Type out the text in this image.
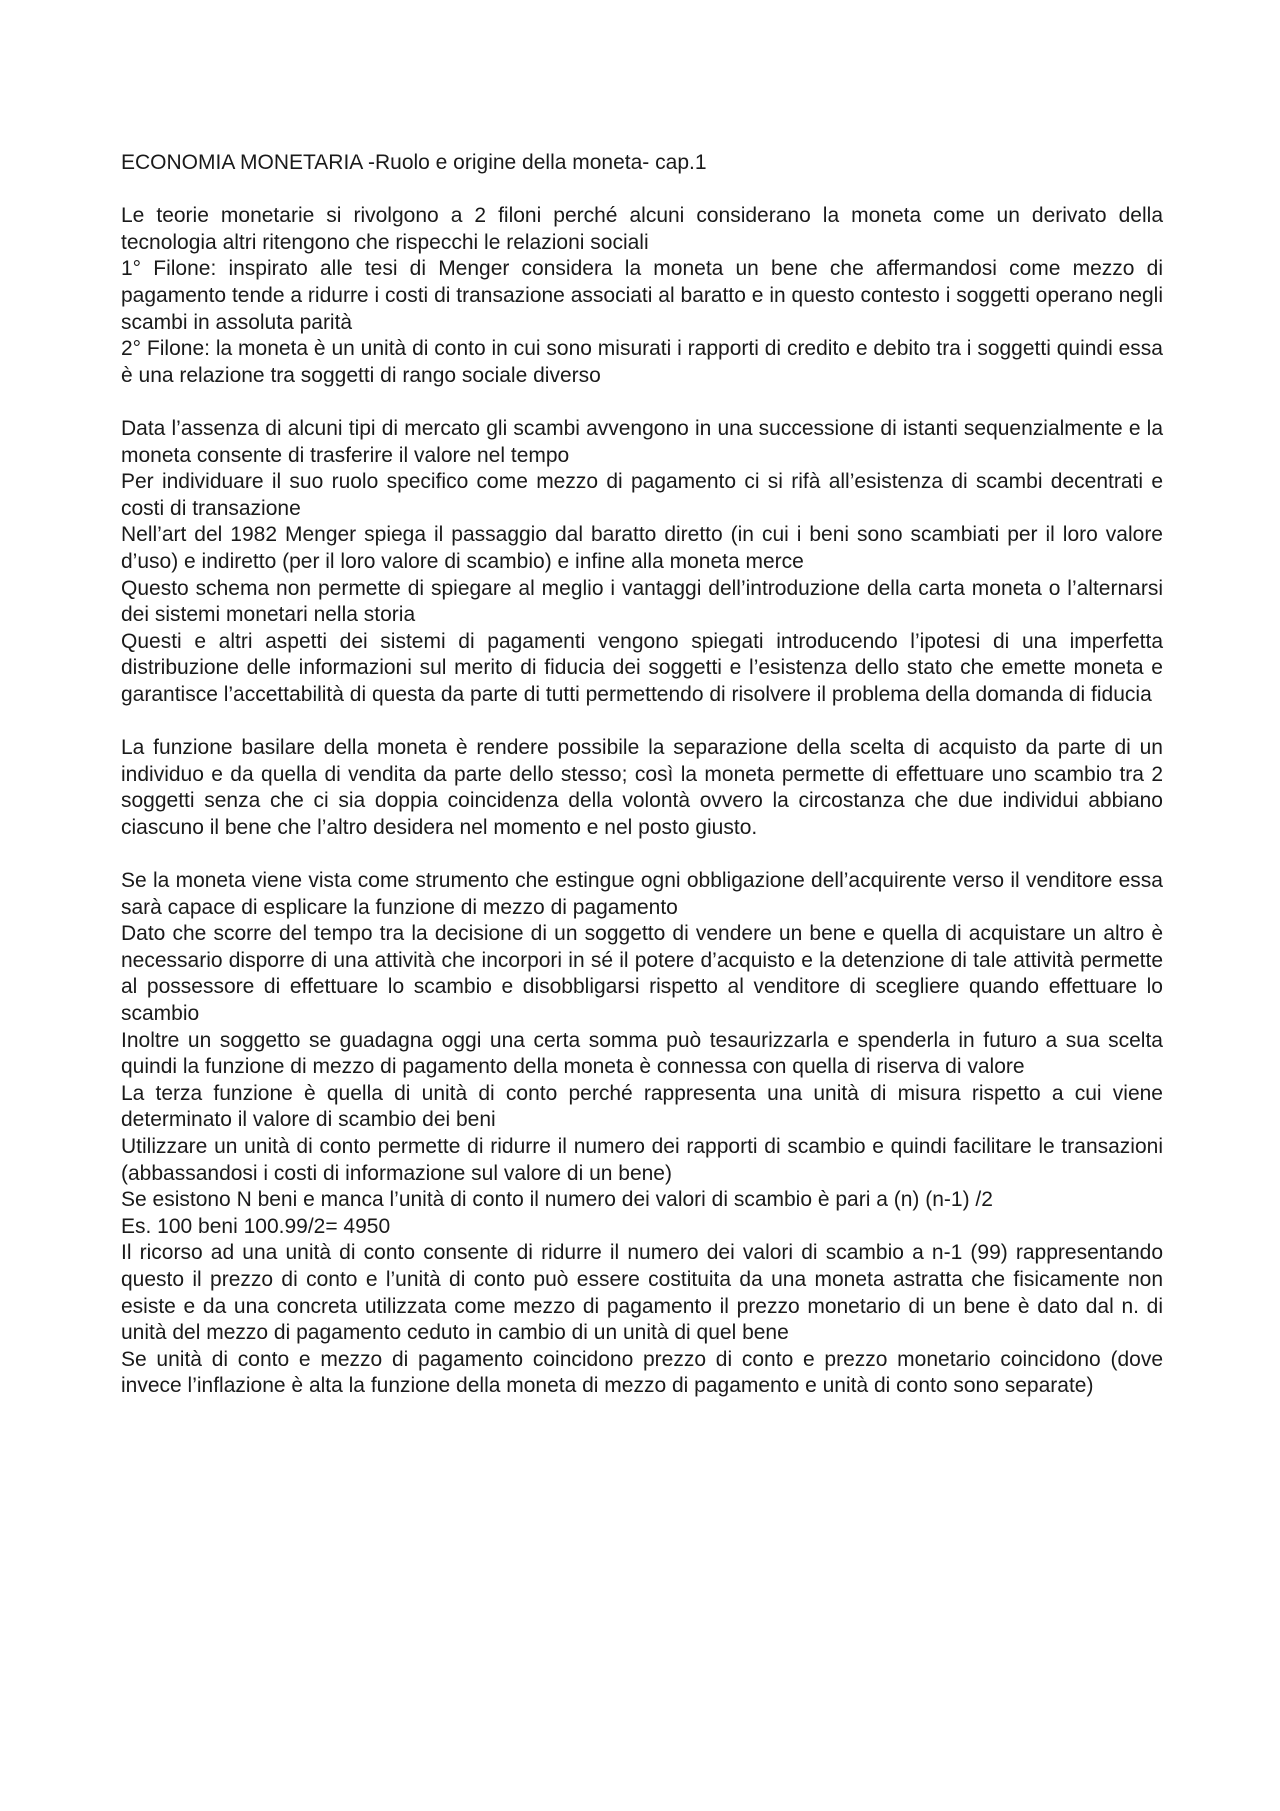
ECONOMIA MONETARIA -Ruolo e origine della moneta- cap.1
Le teorie monetarie si rivolgono a 2 filoni perché alcuni considerano la moneta come un derivato della tecnologia altri ritengono che rispecchi le relazioni sociali
1° Filone: inspirato alle tesi di Menger considera la moneta un bene che affermandosi come mezzo di pagamento tende a ridurre i costi di transazione associati al baratto e in questo contesto i soggetti operano negli scambi in assoluta parità
2° Filone: la moneta è un unità di conto in cui sono misurati i rapporti di credito e debito tra i soggetti quindi essa è una relazione tra soggetti di rango sociale diverso
Data l’assenza di alcuni tipi di mercato gli scambi avvengono in una successione di istanti sequenzialmente e la moneta consente di trasferire il valore nel tempo
Per individuare il suo ruolo specifico come mezzo di pagamento ci si rifà all’esistenza di scambi decentrati e costi di transazione
Nell’art del 1982 Menger spiega il passaggio dal baratto diretto (in cui i beni sono scambiati per il loro valore d’uso) e indiretto (per il loro valore di scambio) e infine alla moneta merce
Questo schema non permette di spiegare al meglio i vantaggi dell’introduzione della carta moneta o l’alternarsi dei sistemi monetari nella storia
Questi e altri aspetti dei sistemi di pagamenti vengono spiegati introducendo l’ipotesi di una imperfetta distribuzione delle informazioni sul merito di fiducia dei soggetti e l’esistenza dello stato che emette moneta e garantisce l’accettabilità di questa da parte di tutti permettendo di risolvere il problema della domanda di fiducia
La funzione basilare della moneta è rendere possibile la separazione della scelta di acquisto da parte di un individuo e da quella di vendita da parte dello stesso; così la moneta permette di effettuare uno scambio tra 2 soggetti senza che ci sia doppia coincidenza della volontà ovvero la circostanza che due individui abbiano ciascuno il bene che l’altro desidera nel momento e nel posto giusto.
Se la moneta viene vista come strumento che estingue ogni obbligazione dell’acquirente verso il venditore essa sarà capace di esplicare la funzione di mezzo di pagamento
Dato che scorre del tempo tra la decisione di un soggetto di vendere un bene e quella di acquistare un altro è necessario disporre di una attività che incorpori in sé il potere d’acquisto e la detenzione di tale attività permette al possessore di effettuare lo scambio e disobbligarsi rispetto al venditore di scegliere quando effettuare lo scambio
Inoltre un soggetto se guadagna oggi una certa somma può tesaurizzarla e spenderla in futuro a sua scelta quindi la funzione di mezzo di pagamento della moneta è connessa con quella di riserva di valore
La terza funzione è quella di unità di conto perché rappresenta una unità di misura rispetto a cui viene determinato il valore di scambio dei beni
Utilizzare un unità di conto permette di ridurre il numero dei rapporti di scambio e quindi facilitare le transazioni (abbassandosi i costi di informazione sul valore di un bene)
Se esistono N beni e manca l’unità di conto il numero dei valori di scambio è pari a (n) (n-1) /2
Es. 100 beni 100.99/2= 4950
Il ricorso ad una unità di conto consente di ridurre il numero dei valori di scambio a n-1 (99) rappresentando questo il prezzo di conto e l’unità di conto può essere costituita da una moneta astratta che fisicamente non esiste e da una concreta utilizzata come mezzo di pagamento il prezzo monetario di un bene è dato dal n. di unità del mezzo di pagamento ceduto in cambio di un unità di quel bene
Se unità di conto e mezzo di pagamento coincidono prezzo di conto e prezzo monetario coincidono (dove invece l’inflazione è alta la funzione della moneta di mezzo di pagamento e unità di conto sono separate)
